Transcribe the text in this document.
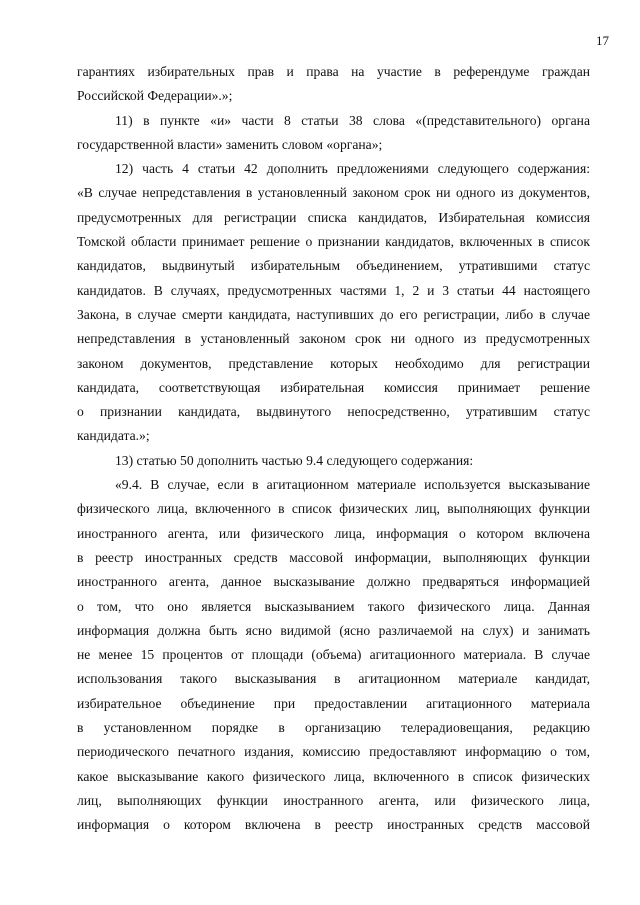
17
гарантиях избирательных прав и права на участие в референдуме граждан
Российской Федерации».»;
11) в пункте «и» части 8 статьи 38 слова «(представительного) органа
государственной власти» заменить словом «органа»;
12) часть 4 статьи 42 дополнить предложениями следующего содержания:
«В случае непредставления в установленный законом срок ни одного из документов,
предусмотренных для регистрации списка кандидатов, Избирательная комиссия
Томской области принимает решение о признании кандидатов, включенных в список
кандидатов, выдвинутый избирательным объединением, утратившими статус
кандидатов. В случаях, предусмотренных частями 1, 2 и 3 статьи 44 настоящего
Закона, в случае смерти кандидата, наступивших до его регистрации, либо в случае
непредставления в установленный законом срок ни одного из предусмотренных
законом документов, представление которых необходимо для регистрации
кандидата, соответствующая избирательная комиссия принимает решение
о признании кандидата, выдвинутого непосредственно, утратившим статус
кандидата.»;
13) статью 50 дополнить частью 9.4 следующего содержания:
«9.4. В случае, если в агитационном материале используется высказывание
физического лица, включенного в список физических лиц, выполняющих функции
иностранного агента, или физического лица, информация о котором включена
в реестр иностранных средств массовой информации, выполняющих функции
иностранного агента, данное высказывание должно предваряться информацией
о том, что оно является высказыванием такого физического лица. Данная
информация должна быть ясно видимой (ясно различаемой на слух) и занимать
не менее 15 процентов от площади (объема) агитационного материала. В случае
использования такого высказывания в агитационном материале кандидат,
избирательное объединение при предоставлении агитационного материала
в установленном порядке в организацию телерадиовещания, редакцию
периодического печатного издания, комиссию предоставляют информацию о том,
какое высказывание какого физического лица, включенного в список физических
лиц, выполняющих функции иностранного агента, или физического лица,
информация о котором включена в реестр иностранных средств массовой
